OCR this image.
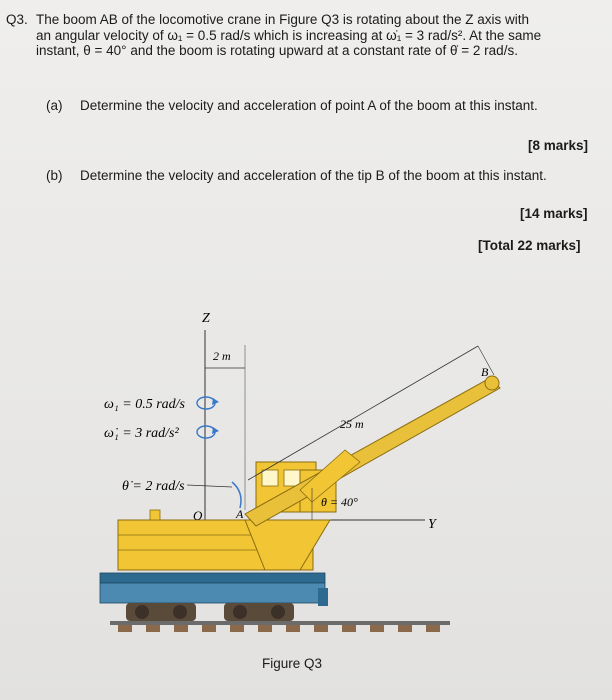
Q3. The boom AB of the locomotive crane in Figure Q3 is rotating about the Z axis with
an angular velocity of ω₁ = 0.5 rad/s which is increasing at ω̇₁ = 3 rad/s². At the same
instant, θ = 40° and the boom is rotating upward at a constant rate of θ̇ = 2 rad/s.
(a) Determine the velocity and acceleration of point A of the boom at this instant.
[8 marks]
(b) Determine the velocity and acceleration of the tip B of the boom at this instant.
[14 marks]
[Total 22 marks]
Z
2 m
ω₁ = 0.5 rad/s
ω̇₁ = 3 rad/s²
θ̇ = 2 rad/s
Y
25 m
θ = 40°
O	A
B
Figure Q3
